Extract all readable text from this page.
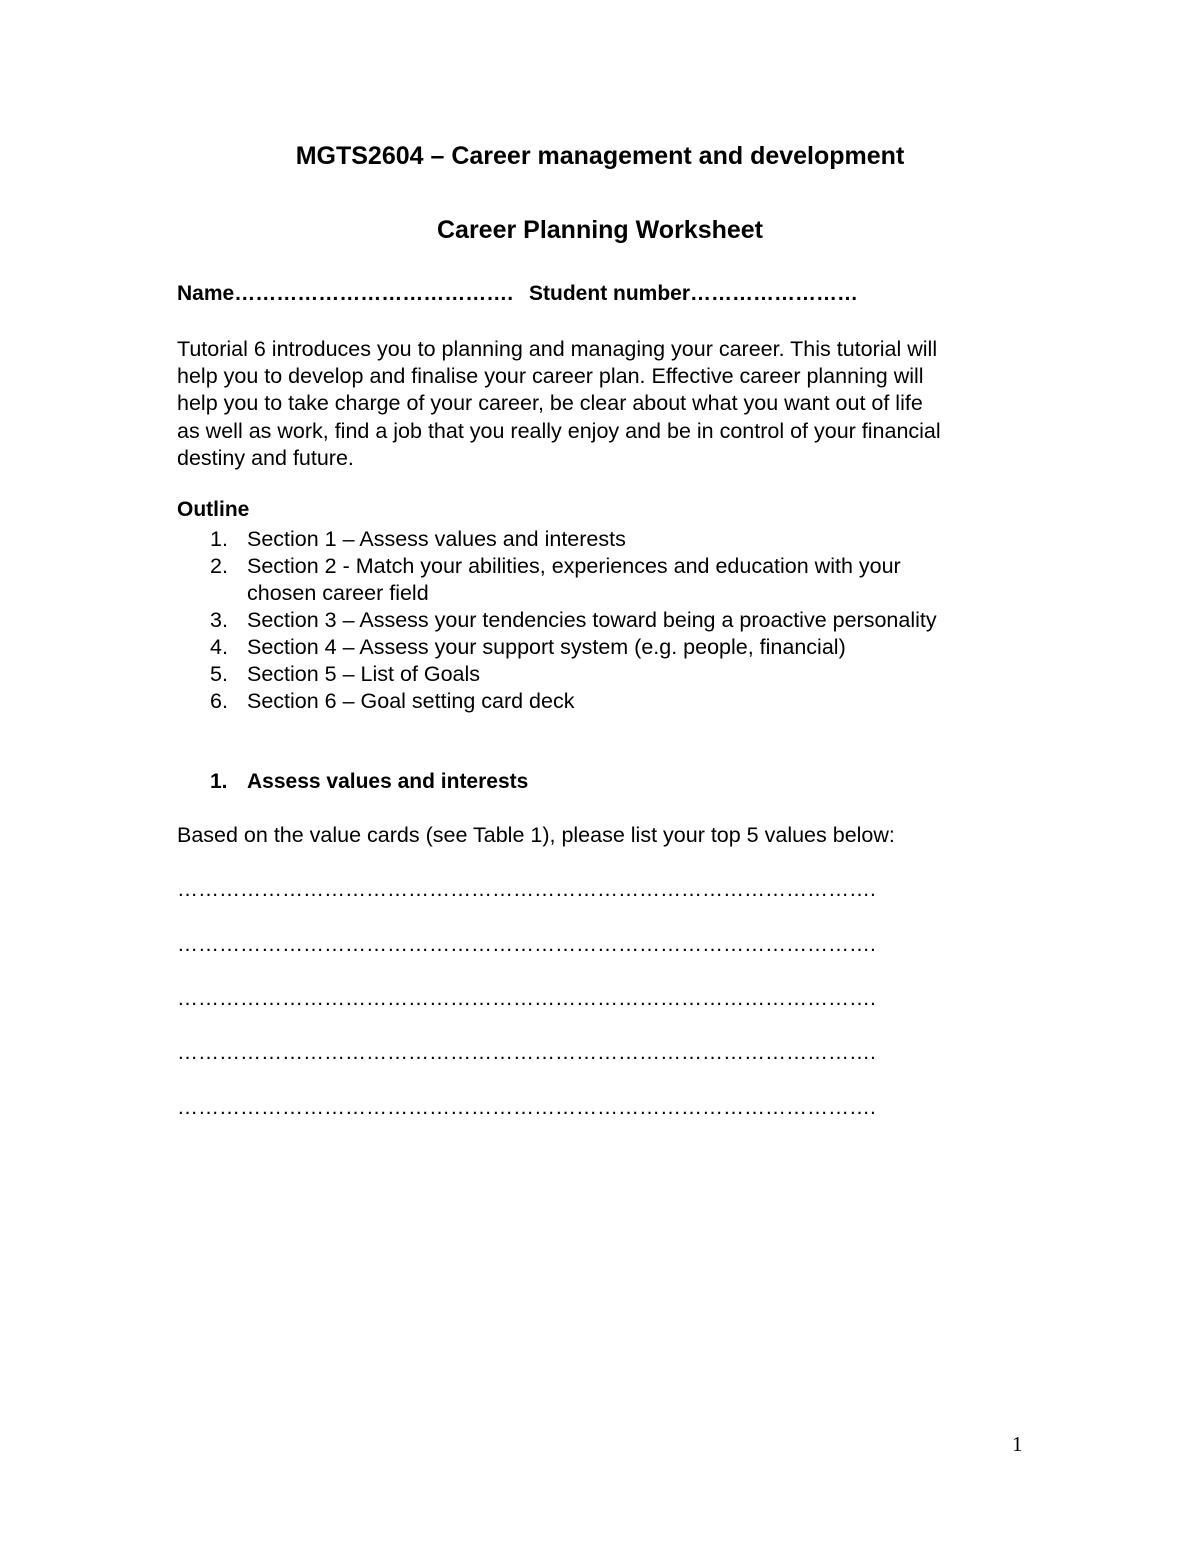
MGTS2604 – Career management and development
Career Planning Worksheet
Name…………………………………. Student number……………………
Tutorial 6 introduces you to planning and managing your career. This tutorial will
help you to develop and finalise your career plan. Effective career planning will
help you to take charge of your career, be clear about what you want out of life
as well as work, find a job that you really enjoy and be in control of your financial
destiny and future.
Outline
1. Section 1 – Assess values and interests
2. Section 2 - Match your abilities, experiences and education with your
chosen career field
3. Section 3 – Assess your tendencies toward being a proactive personality
4. Section 4 – Assess your support system (e.g. people, financial)
5. Section 5 – List of Goals
6. Section 6 – Goal setting card deck
1. Assess values and interests
Based on the value cards (see Table 1), please list your top 5 values below:
……………………………………………………………………………………….
……………………………………………………………………………………….
……………………………………………………………………………………….
……………………………………………………………………………………….
……………………………………………………………………………………….
1
